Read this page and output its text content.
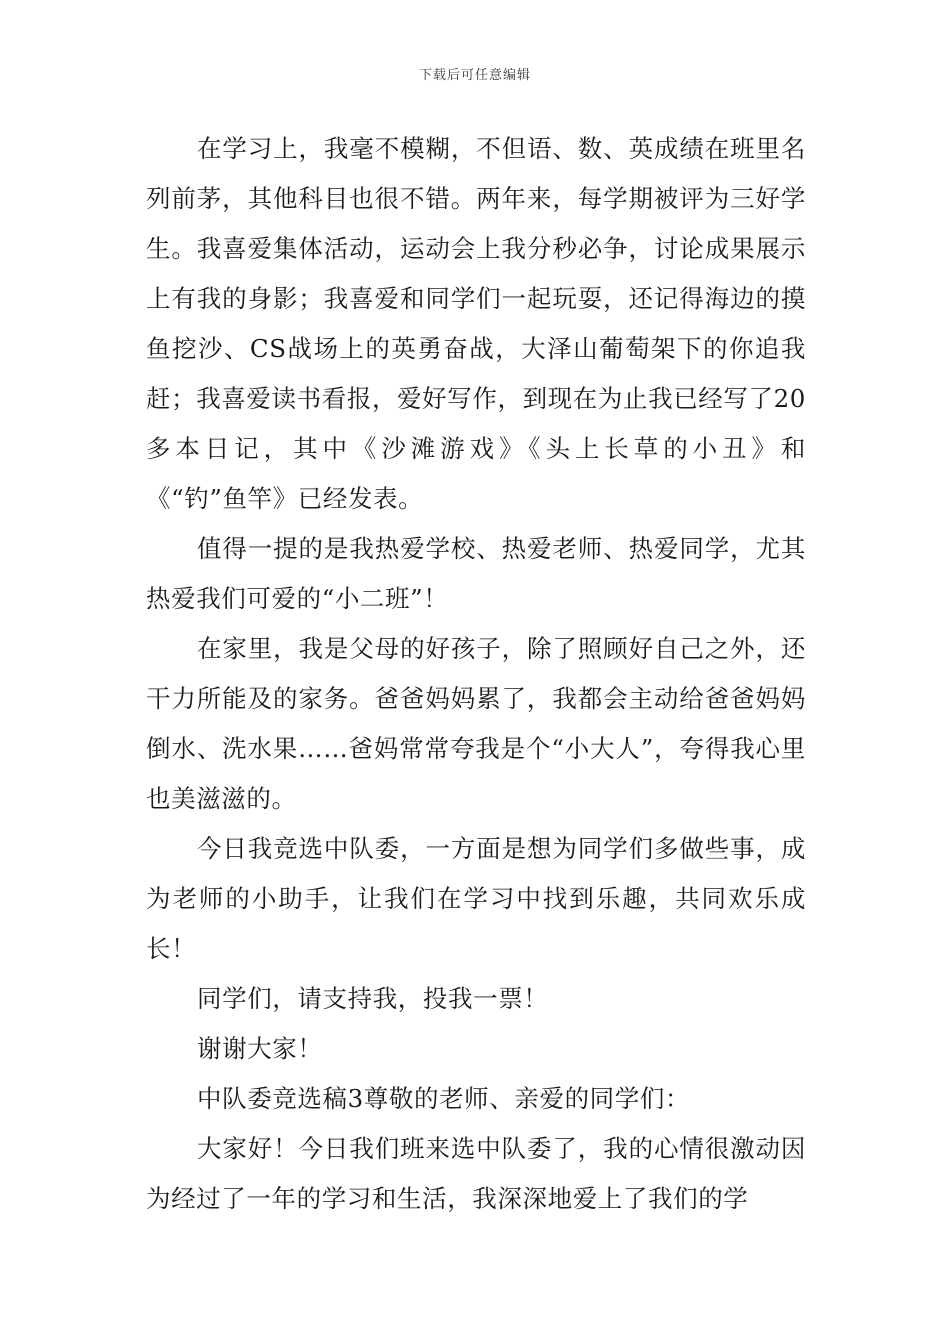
下载后可任意编辑

在学习上，我毫不模糊，不但语、数、英成绩在班里名列前茅，其他科目也很不错。两年来，每学期被评为三好学生。我喜爱集体活动，运动会上我分秒必争，讨论成果展示上有我的身影；我喜爱和同学们一起玩耍，还记得海边的摸鱼挖沙、CS战场上的英勇奋战，大泽山葡萄架下的你追我赶；我喜爱读书看报，爱好写作，到现在为止我已经写了20多本日记，其中《沙滩游戏》《头上长草的小丑》和《“钓”鱼竿》已经发表。

值得一提的是我热爱学校、热爱老师、热爱同学，尤其热爱我们可爱的“小二班”！

在家里，我是父母的好孩子，除了照顾好自己之外，还干力所能及的家务。爸爸妈妈累了，我都会主动给爸爸妈妈倒水、洗水果……爸妈常常夸我是个“小大人”，夸得我心里也美滋滋的。

今日我竞选中队委，一方面是想为同学们多做些事，成为老师的小助手，让我们在学习中找到乐趣，共同欢乐成长！

同学们，请支持我，投我一票！

谢谢大家！

中队委竞选稿3尊敬的老师、亲爱的同学们：

大家好！今日我们班来选中队委了，我的心情很激动因为经过了一年的学习和生活，我深深地爱上了我们的学
